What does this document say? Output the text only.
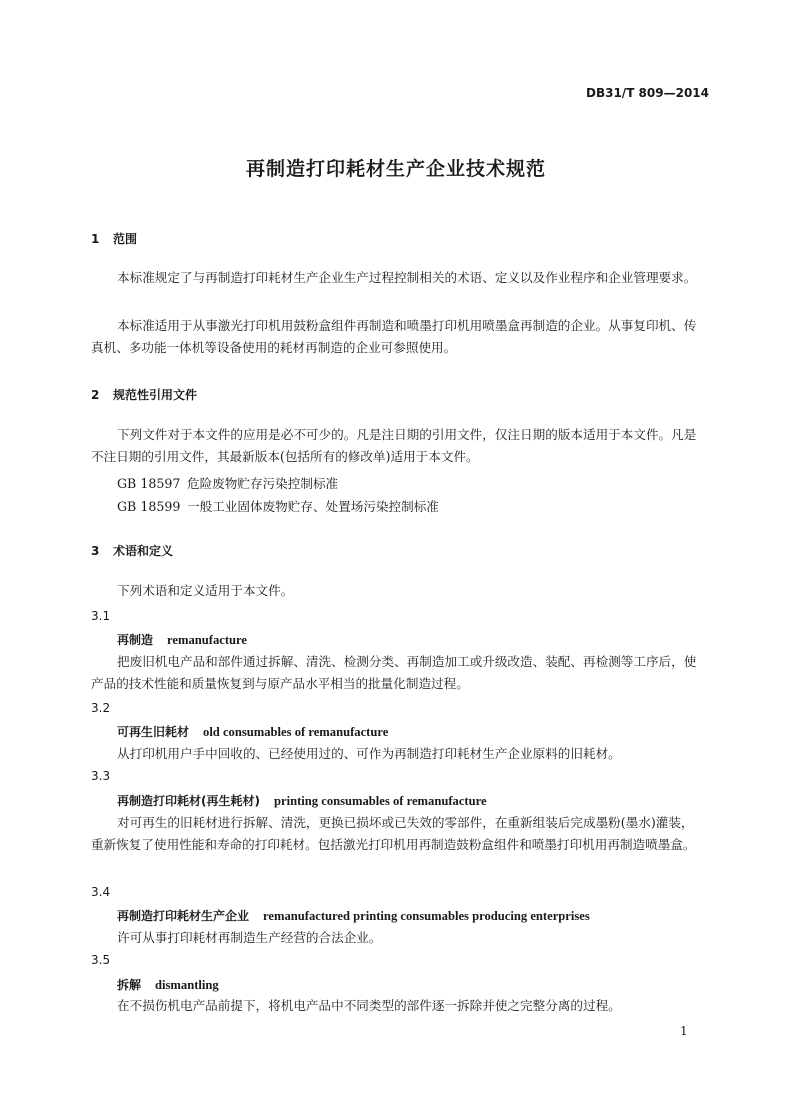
DB31/T 809—2014
再制造打印耗材生产企业技术规范
1 范围
本标准规定了与再制造打印耗材生产企业生产过程控制相关的术语、定义以及作业程序和企业管理要求。
本标准适用于从事激光打印机用鼓粉盒组件再制造和喷墨打印机用喷墨盒再制造的企业。从事复印机、传真机、多功能一体机等设备使用的耗材再制造的企业可参照使用。
2 规范性引用文件
下列文件对于本文件的应用是必不可少的。凡是注日期的引用文件，仅注日期的版本适用于本文件。凡是不注日期的引用文件，其最新版本(包括所有的修改单)适用于本文件。
GB 18597 危险废物贮存污染控制标准
GB 18599 一般工业固体废物贮存、处置场污染控制标准
3 术语和定义
下列术语和定义适用于本文件。
3.1
再制造 remanufacture
把废旧机电产品和部件通过拆解、清洗、检测分类、再制造加工或升级改造、装配、再检测等工序后，使产品的技术性能和质量恢复到与原产品水平相当的批量化制造过程。
3.2
可再生旧耗材 old consumables of remanufacture
从打印机用户手中回收的、已经使用过的、可作为再制造打印耗材生产企业原料的旧耗材。
3.3
再制造打印耗材(再生耗材) printing consumables of remanufacture
对可再生的旧耗材进行拆解、清洗，更换已损坏或已失效的零部件，在重新组装后完成墨粉(墨水)灌装，重新恢复了使用性能和寿命的打印耗材。包括激光打印机用再制造鼓粉盒组件和喷墨打印机用再制造喷墨盒。
3.4
再制造打印耗材生产企业 remanufactured printing consumables producing enterprises
许可从事打印耗材再制造生产经营的合法企业。
3.5
拆解 dismantling
在不损伤机电产品前提下，将机电产品中不同类型的部件逐一拆除并使之完整分离的过程。
1
